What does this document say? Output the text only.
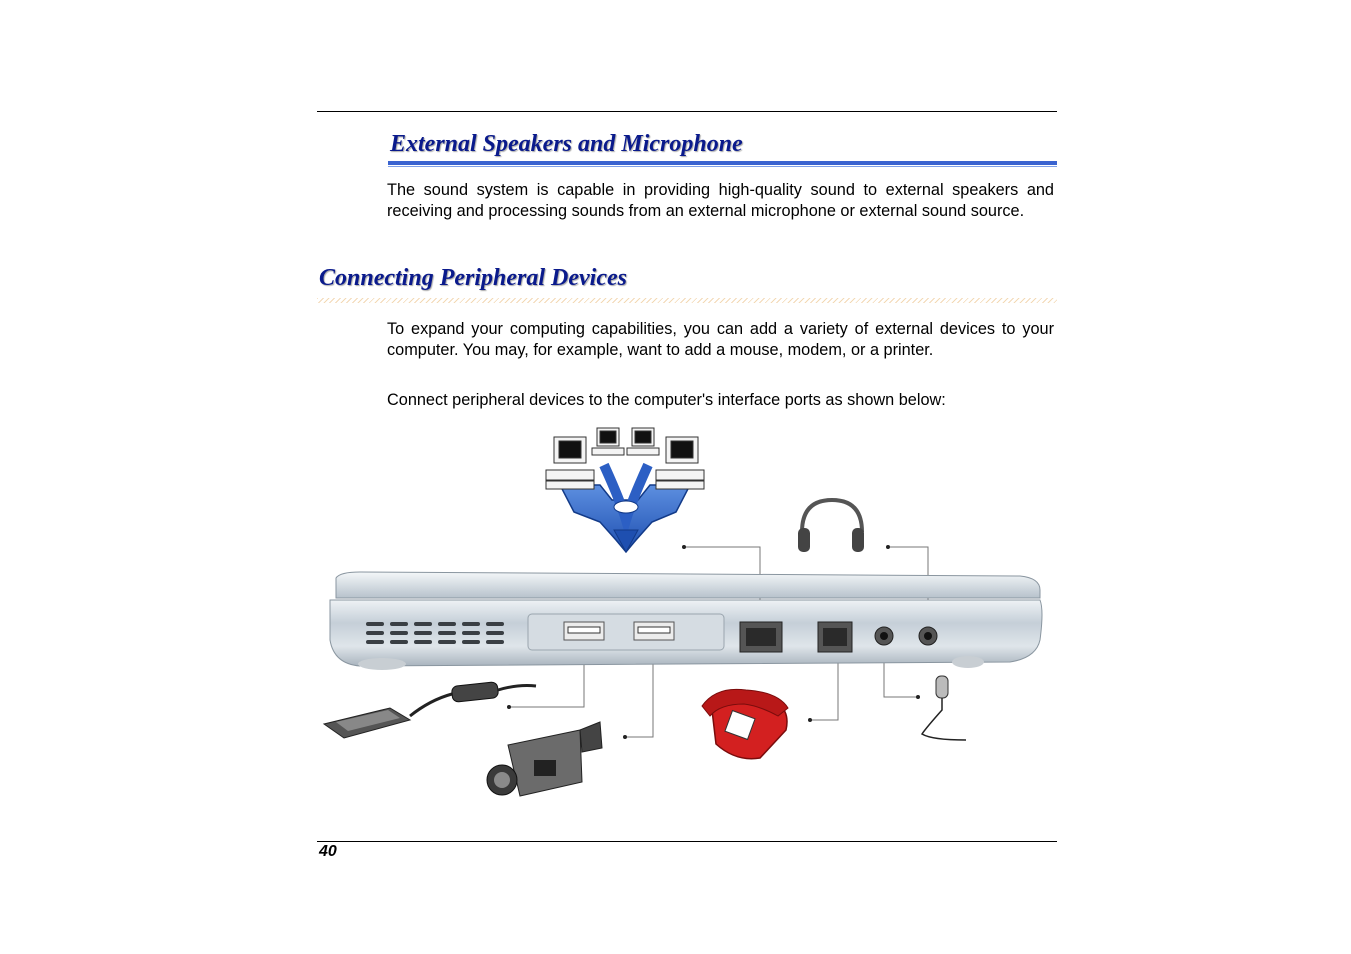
External Speakers and Microphone

The sound system is capable in providing high-quality sound to external speakers and receiving and processing sounds from an external microphone or external sound source.

Connecting Peripheral Devices

To expand your computing capabilities, you can add a variety of external devices to your computer. You may, for example, want to add a mouse, modem, or a printer.

Connect peripheral devices to the computer's interface ports as shown below:

40
